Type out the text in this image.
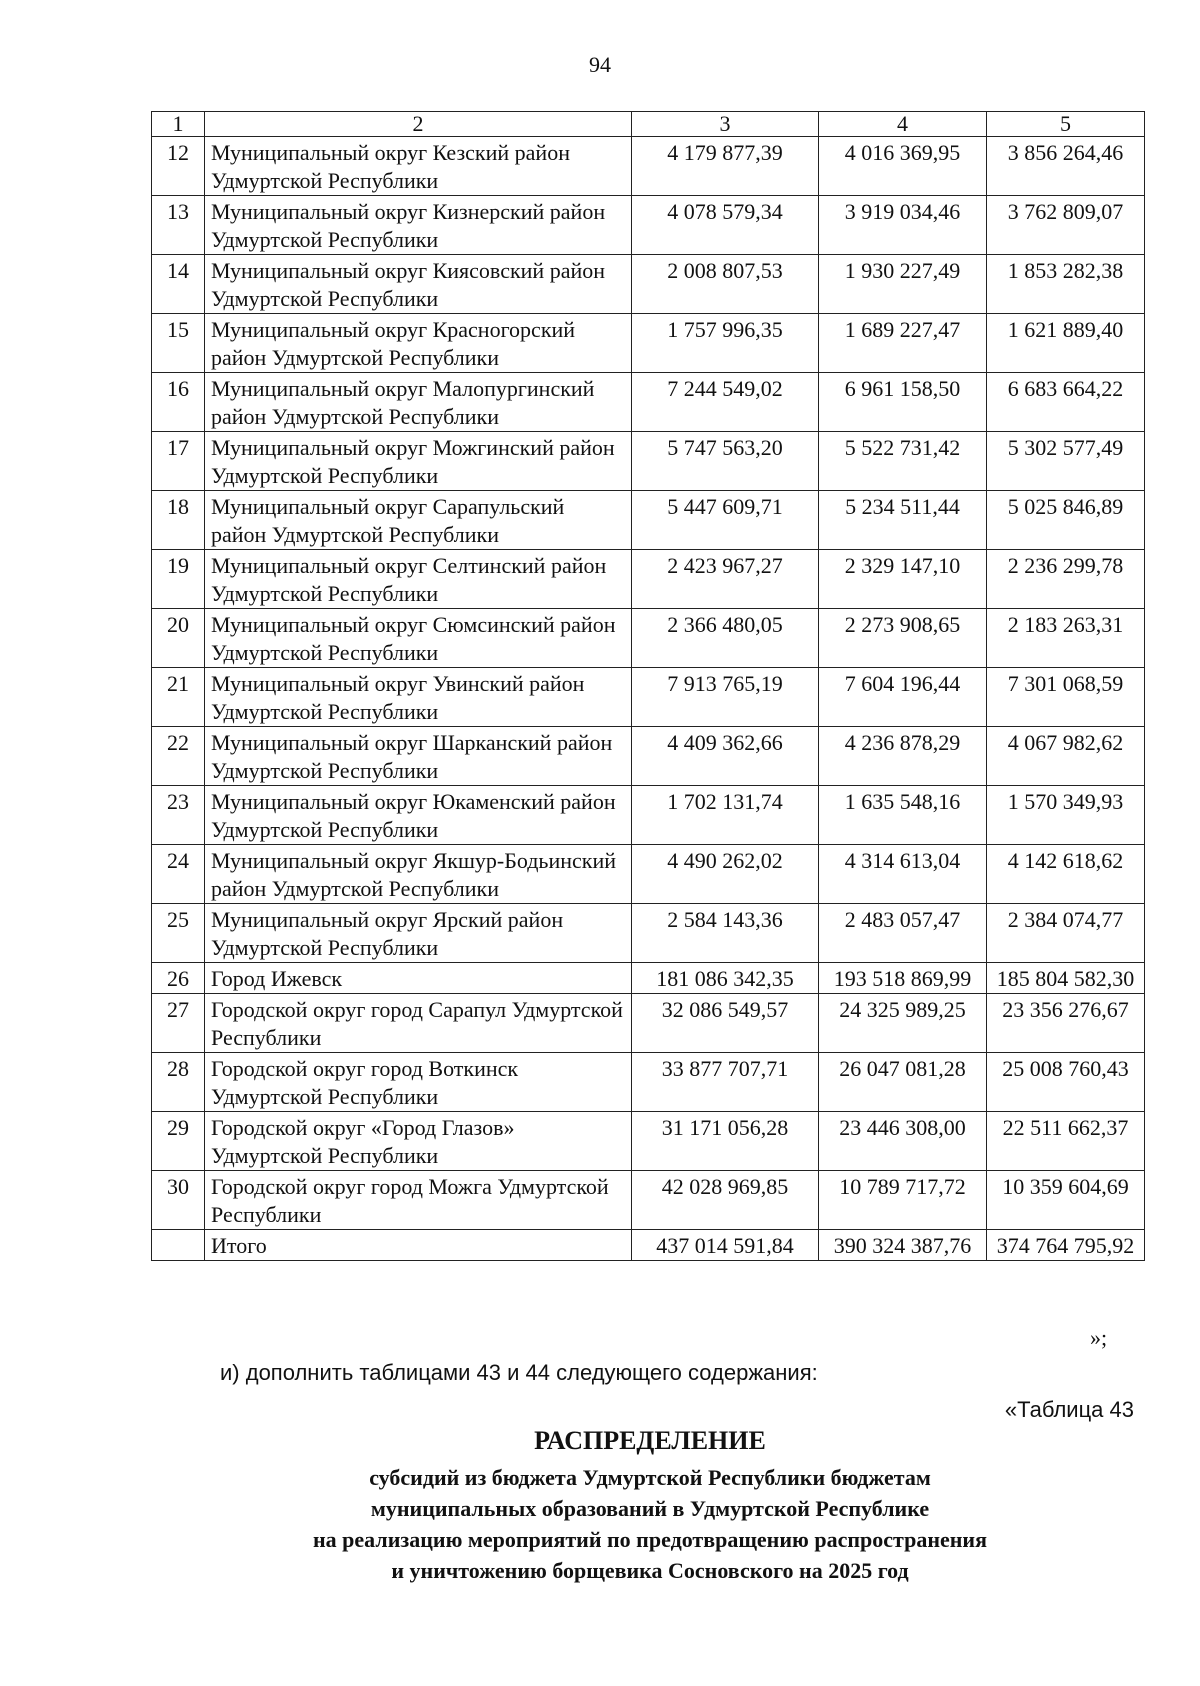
94
1	2	3	4	5
12	Муниципальный округ Кезский район Удмуртской Республики	4 179 877,39	4 016 369,95	3 856 264,46
13	Муниципальный округ Кизнерский район Удмуртской Республики	4 078 579,34	3 919 034,46	3 762 809,07
14	Муниципальный округ Киясовский район Удмуртской Республики	2 008 807,53	1 930 227,49	1 853 282,38
15	Муниципальный округ Красногорский район Удмуртской Республики	1 757 996,35	1 689 227,47	1 621 889,40
16	Муниципальный округ Малопургинский район Удмуртской Республики	7 244 549,02	6 961 158,50	6 683 664,22
17	Муниципальный округ Можгинский район Удмуртской Республики	5 747 563,20	5 522 731,42	5 302 577,49
18	Муниципальный округ Сарапульский район Удмуртской Республики	5 447 609,71	5 234 511,44	5 025 846,89
19	Муниципальный округ Селтинский район Удмуртской Республики	2 423 967,27	2 329 147,10	2 236 299,78
20	Муниципальный округ Сюмсинский район Удмуртской Республики	2 366 480,05	2 273 908,65	2 183 263,31
21	Муниципальный округ Увинский район Удмуртской Республики	7 913 765,19	7 604 196,44	7 301 068,59
22	Муниципальный округ Шарканский район Удмуртской Республики	4 409 362,66	4 236 878,29	4 067 982,62
23	Муниципальный округ Юкаменский район Удмуртской Республики	1 702 131,74	1 635 548,16	1 570 349,93
24	Муниципальный округ Якшур-Бодьинский район Удмуртской Республики	4 490 262,02	4 314 613,04	4 142 618,62
25	Муниципальный округ Ярский район Удмуртской Республики	2 584 143,36	2 483 057,47	2 384 074,77
26	Город Ижевск	181 086 342,35	193 518 869,99	185 804 582,30
27	Городской округ город Сарапул Удмуртской Республики	32 086 549,57	24 325 989,25	23 356 276,67
28	Городской округ город Воткинск Удмуртской Республики	33 877 707,71	26 047 081,28	25 008 760,43
29	Городской округ «Город Глазов» Удмуртской Республики	31 171 056,28	23 446 308,00	22 511 662,37
30	Городской округ город Можга Удмуртской Республики	42 028 969,85	10 789 717,72	10 359 604,69
	Итого	437 014 591,84	390 324 387,76	374 764 795,92
»;
и) дополнить таблицами 43 и 44 следующего содержания:
«Таблица 43
РАСПРЕДЕЛЕНИЕ
субсидий из бюджета Удмуртской Республики бюджетам
муниципальных образований в Удмуртской Республике
на реализацию мероприятий по предотвращению распространения
и уничтожению борщевика Сосновского на 2025 год
